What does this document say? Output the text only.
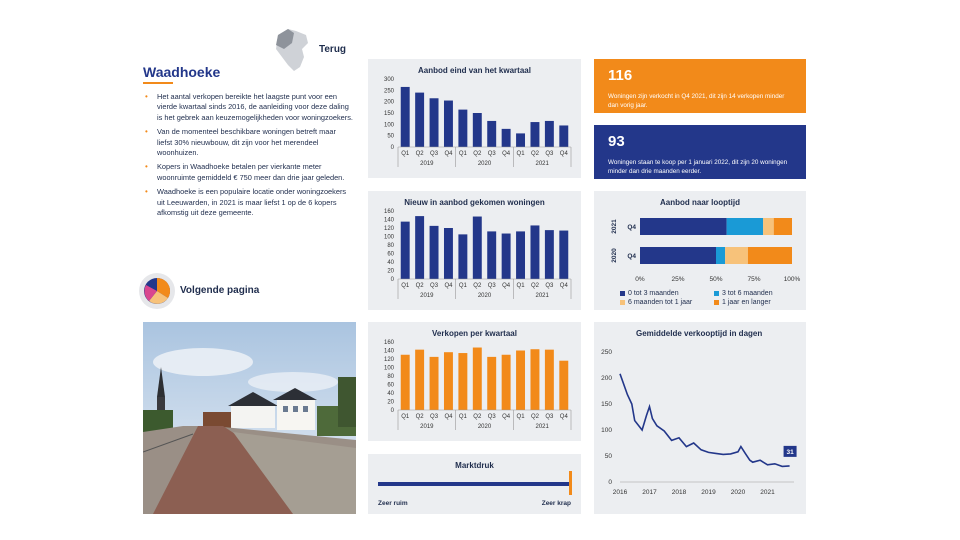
Terug
Waadhoeke
• Het aantal verkopen bereikte het laagste punt voor een vierde kwartaal sinds 2016, de aanleiding voor deze daling is het gebrek aan keuzemogelijkheden voor woningzoekers.
• Van de momenteel beschikbare woningen betreft maar liefst 30% nieuwbouw, dit zijn voor het merendeel woonhuizen.
• Kopers in Waadhoeke betalen per vierkante meter woonruimte gemiddeld € 750 meer dan drie jaar geleden.
• Waadhoeke is een populaire locatie onder woningzoekers uit Leeuwarden, in 2021 is maar liefst 1 op de 6 kopers afkomstig uit deze gemeente.
Volgende pagina
Aanbod eind van het kwartaal
0
50
100
150
200
250
300
Q1 Q2 Q3 Q4 Q1 Q2 Q3 Q4 Q1 Q2 Q3 Q4
2019	2020	2021
Nieuw in aanbod gekomen woningen
0
20
40
60
80
100
120
140
160
Q1 Q2 Q3 Q4 Q1 Q2 Q3 Q4 Q1 Q2 Q3 Q4
2019	2020	2021
Verkopen per kwartaal
0
20
40
60
80
100
120
140
160
Q1 Q2 Q3 Q4 Q1 Q2 Q3 Q4 Q1 Q2 Q3 Q4
2019	2020	2021
Marktdruk
Zeer ruim	Zeer krap
116
Woningen zijn verkocht in Q4 2021, dit zijn 14 verkopen minder dan vorig jaar.
93
Woningen staan te koop per 1 januari 2022, dit zijn 20 woningen minder dan drie maanden eerder.
Aanbod naar looptijd
Q4
2021
Q4
2020
0%	25%	50%	75%	100%
0 tot 3 maanden	3 tot 6 maanden
6 maanden tot 1 jaar	1 jaar en langer
Gemiddelde verkooptijd in dagen
0
50
100
150
200
250
2016 2017 2018 2019 2020 2021
31
